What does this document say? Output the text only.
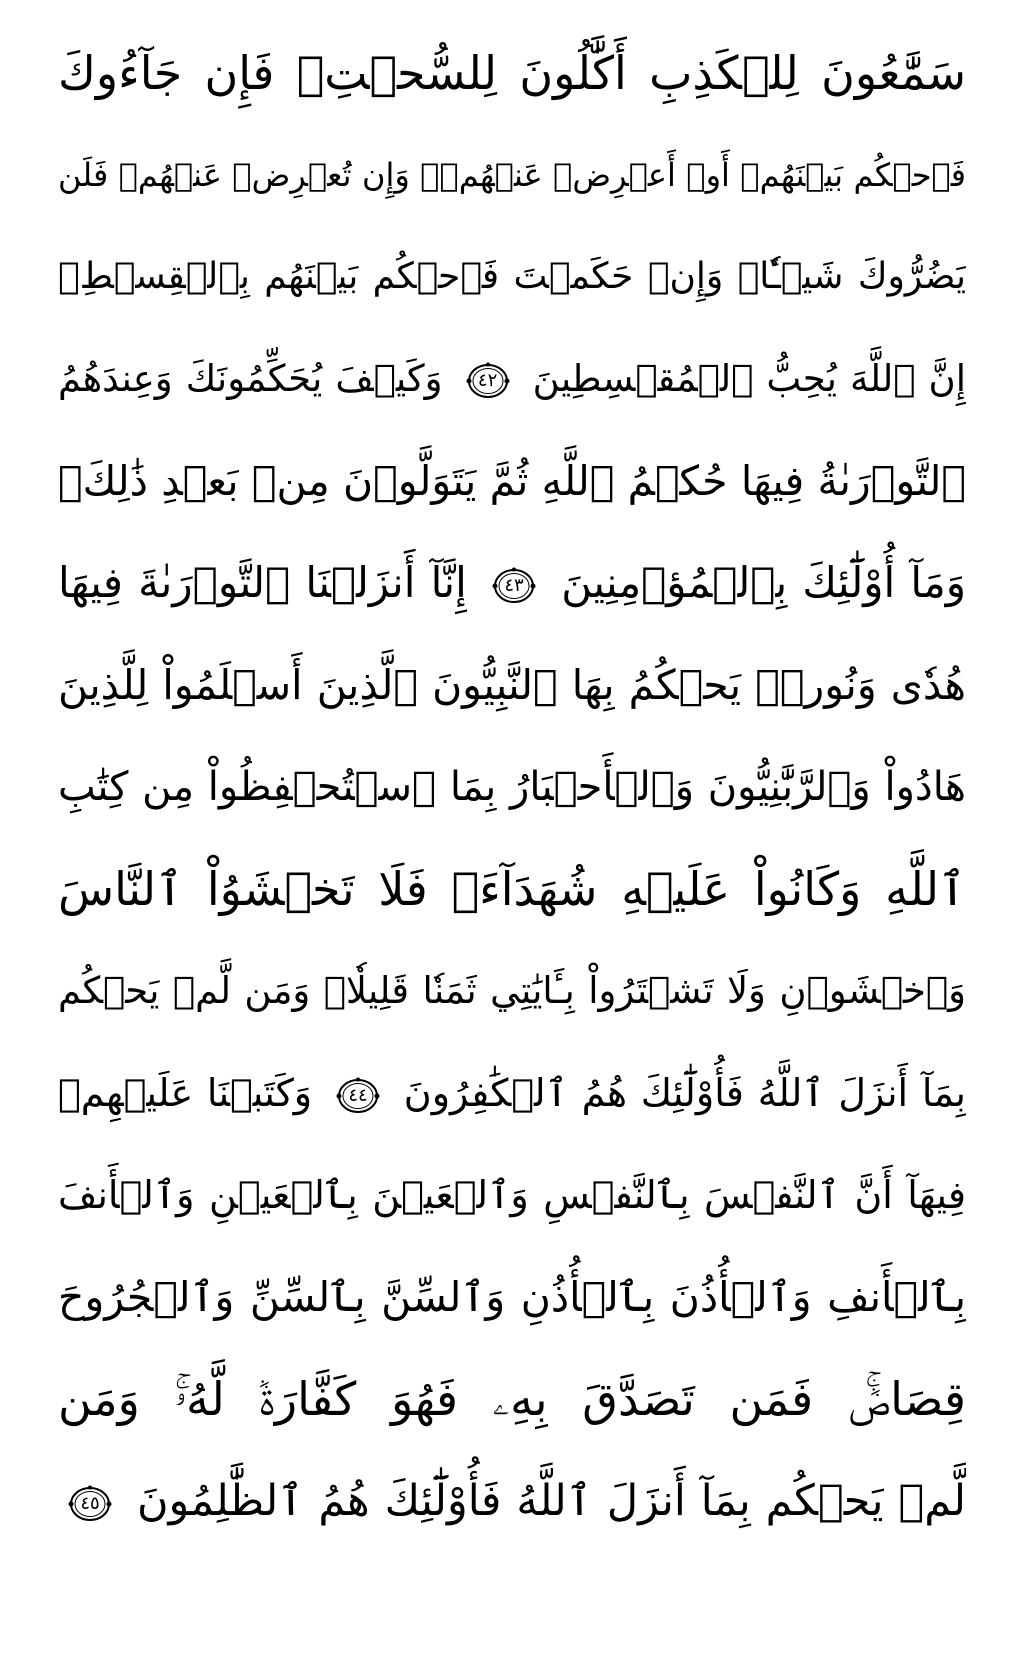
سَمَّٰعُونَ لِلۡكَذِبِ أَكَّٰلُونَ لِلسُّحۡتِۚ فَإِن جَآءُوكَ
فَٱحۡكُم بَيۡنَهُمۡ أَوۡ أَعۡرِضۡ عَنۡهُمۡۖ وَإِن تُعۡرِضۡ عَنۡهُمۡ فَلَن
يَضُرُّوكَ شَيۡـٔٗاۖ وَإِنۡ حَكَمۡتَ فَٱحۡكُم بَيۡنَهُم بِٱلۡقِسۡطِۚ
إِنَّ ٱللَّهَ يُحِبُّ ٱلۡمُقۡسِطِينَ
٤٢
وَكَيۡفَ يُحَكِّمُونَكَ وَعِندَهُمُ
ٱلتَّوۡرَىٰةُ فِيهَا حُكۡمُ ٱللَّهِ ثُمَّ يَتَوَلَّوۡنَ مِنۢ بَعۡدِ ذَٰلِكَۚ
وَمَآ أُوْلَٰٓئِكَ بِٱلۡمُؤۡمِنِينَ
٤٣
إِنَّآ أَنزَلۡنَا ٱلتَّوۡرَىٰةَ فِيهَا
هُدٗى وَنُورٞۚ يَحۡكُمُ بِهَا ٱلنَّبِيُّونَ ٱلَّذِينَ أَسۡلَمُواْ لِلَّذِينَ
هَادُواْ وَٱلرَّبَّٰنِيُّونَ وَٱلۡأَحۡبَارُ بِمَا ٱسۡتُحۡفِظُواْ مِن كِتَٰبِ
ٱللَّهِ وَكَانُواْ عَلَيۡهِ شُهَدَآءَۚ فَلَا تَخۡشَوُاْ ٱلنَّاسَ
وَٱخۡشَوۡنِ وَلَا تَشۡتَرُواْ بِـَٔايَٰتِي ثَمَنٗا قَلِيلٗاۚ وَمَن لَّمۡ يَحۡكُم
بِمَآ أَنزَلَ ٱللَّهُ فَأُوْلَٰٓئِكَ هُمُ ٱلۡكَٰفِرُونَ
٤٤
وَكَتَبۡنَا عَلَيۡهِمۡ
فِيهَآ أَنَّ ٱلنَّفۡسَ بِٱلنَّفۡسِ وَٱلۡعَيۡنَ بِٱلۡعَيۡنِ وَٱلۡأَنفَ
بِٱلۡأَنفِ وَٱلۡأُذُنَ بِٱلۡأُذُنِ وَٱلسِّنَّ بِٱلسِّنِّ وَٱلۡجُرُوحَ
قِصَاصٞۚ فَمَن تَصَدَّقَ بِهِۦ فَهُوَ كَفَّارَةٞ لَّهُۥۚ وَمَن
لَّمۡ يَحۡكُم بِمَآ أَنزَلَ ٱللَّهُ فَأُوْلَٰٓئِكَ هُمُ ٱلظَّٰلِمُونَ
٤٥
